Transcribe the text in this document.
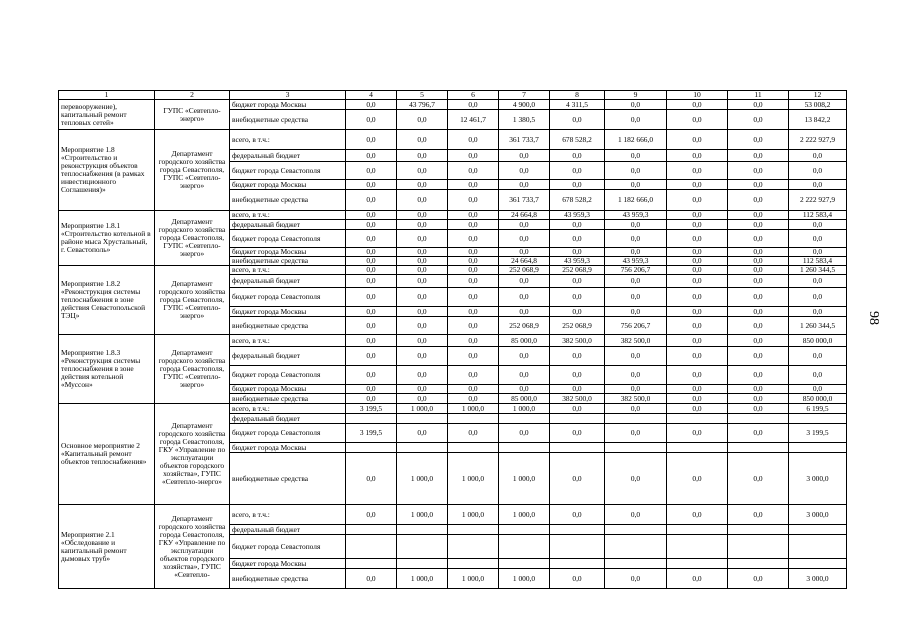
1	2	3	4	5	6	7	8	9	10	11	12
перевооружение), капитальный ремонт тепловых сетей»	ГУПС «Севтепло-энерго»	бюджет города Москвы	0,0	43 796,7	0,0	4 900,0	4 311,5	0,0	0,0	0,0	53 008,2
		внебюджетные средства	0,0	0,0	12 461,7	1 380,5	0,0	0,0	0,0	0,0	13 842,2
Мероприятие 1.8 «Строительство и реконструкция объектов теплоснабжения (в рамках инвестиционного Соглашения)»	Департамент городского хозяйства города Севастополя, ГУПС «Севтепло-энерго»	всего, в т.ч.:	0,0	0,0	0,0	361 733,7	678 528,2	1 182 666,0	0,0	0,0	2 222 927,9
		федеральный бюджет	0,0	0,0	0,0	0,0	0,0	0,0	0,0	0,0	0,0
		бюджет города Севастополя	0,0	0,0	0,0	0,0	0,0	0,0	0,0	0,0	0,0
		бюджет города Москвы	0,0	0,0	0,0	0,0	0,0	0,0	0,0	0,0	0,0
		внебюджетные средства	0,0	0,0	0,0	361 733,7	678 528,2	1 182 666,0	0,0	0,0	2 222 927,9
Мероприятие 1.8.1 «Строительство котельной в районе мыса Хрустальный, г. Севастополь»	Департамент городского хозяйства города Севастополя, ГУПС «Севтепло-энерго»	всего, в т.ч.:	0,0	0,0	0,0	24 664,8	43 959,3	43 959,3	0,0	0,0	112 583,4
		федеральный бюджет	0,0	0,0	0,0	0,0	0,0	0,0	0,0	0,0	0,0
		бюджет города Севастополя	0,0	0,0	0,0	0,0	0,0	0,0	0,0	0,0	0,0
		бюджет города Москвы	0,0	0,0	0,0	0,0	0,0	0,0	0,0	0,0	0,0
		внебюджетные средства	0,0	0,0	0,0	24 664,8	43 959,3	43 959,3	0,0	0,0	112 583,4
Мероприятие 1.8.2 «Реконструкция системы теплоснабжения в зоне действия Севастопольской ТЭЦ»	Департамент городского хозяйства города Севастополя, ГУПС «Севтепло-энерго»	всего, в т.ч.:	0,0	0,0	0,0	252 068,9	252 068,9	756 206,7	0,0	0,0	1 260 344,5
		федеральный бюджет	0,0	0,0	0,0	0,0	0,0	0,0	0,0	0,0	0,0
		бюджет города Севастополя	0,0	0,0	0,0	0,0	0,0	0,0	0,0	0,0	0,0
		бюджет города Москвы	0,0	0,0	0,0	0,0	0,0	0,0	0,0	0,0	0,0
		внебюджетные средства	0,0	0,0	0,0	252 068,9	252 068,9	756 206,7	0,0	0,0	1 260 344,5
Мероприятие 1.8.3 «Реконструкция системы теплоснабжения в зоне действия котельной «Муссон»	Департамент городского хозяйства города Севастополя, ГУПС «Севтепло-энерго»	всего, в т.ч.:	0,0	0,0	0,0	85 000,0	382 500,0	382 500,0	0,0	0,0	850 000,0
		федеральный бюджет	0,0	0,0	0,0	0,0	0,0	0,0	0,0	0,0	0,0
		бюджет города Севастополя	0,0	0,0	0,0	0,0	0,0	0,0	0,0	0,0	0,0
		бюджет города Москвы	0,0	0,0	0,0	0,0	0,0	0,0	0,0	0,0	0,0
		внебюджетные средства	0,0	0,0	0,0	85 000,0	382 500,0	382 500,0	0,0	0,0	850 000,0
Основное мероприятие 2 «Капитальный ремонт объектов теплоснабжения»	Департамент городского хозяйства города Севастополя, ГКУ «Управление по эксплуатации объектов городского хозяйства», ГУПС «Севтепло-энерго»	всего, в т.ч.:	3 199,5	1 000,0	1 000,0	1 000,0	0,0	0,0	0,0	0,0	6 199,5
		федеральный бюджет									
		бюджет города Севастополя	3 199,5	0,0	0,0	0,0	0,0	0,0	0,0	0,0	3 199,5
		бюджет города Москвы									
		внебюджетные средства	0,0	1 000,0	1 000,0	1 000,0	0,0	0,0	0,0	0,0	3 000,0
Мероприятие 2.1 «Обследование и капитальный ремонт дымовых труб»	Департамент городского хозяйства города Севастополя, ГКУ «Управление по эксплуатации объектов городского хозяйства», ГУПС «Севтепло-	всего, в т.ч.:	0,0	1 000,0	1 000,0	1 000,0	0,0	0,0	0,0	0,0	3 000,0
		федеральный бюджет									
		бюджет города Севастополя									
		бюджет города Москвы									
		внебюджетные средства	0,0	1 000,0	1 000,0	1 000,0	0,0	0,0	0,0	0,0	3 000,0
98
